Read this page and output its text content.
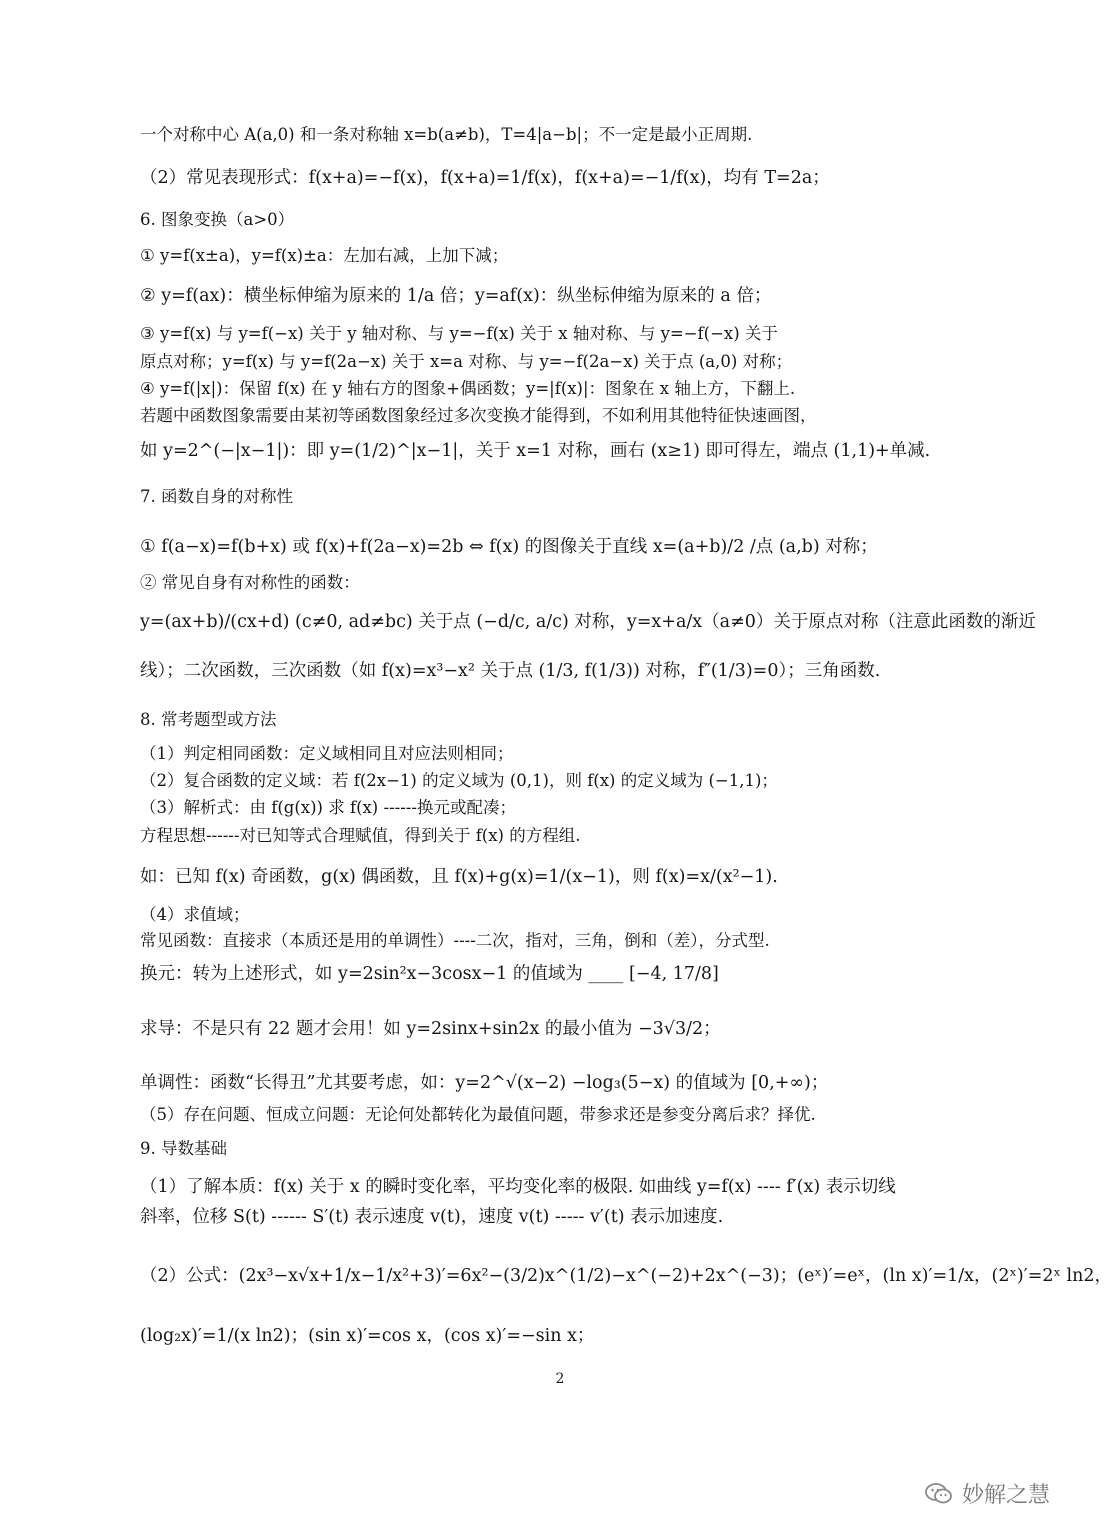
一个对称中心 A(a,0) 和一条对称轴 x=b(a≠b)，T=4|a−b|；不一定是最小正周期.
（2）常见表现形式：f(x+a)=−f(x)，f(x+a)=1/f(x)，f(x+a)=−1/f(x)，均有 T=2a；
6. 图象变换（a>0）
① y=f(x±a)，y=f(x)±a：左加右减，上加下减；
② y=f(ax)：横坐标伸缩为原来的 1/a 倍；y=af(x)：纵坐标伸缩为原来的 a 倍；
③ y=f(x) 与 y=f(−x) 关于 y 轴对称、与 y=−f(x) 关于 x 轴对称、与 y=−f(−x) 关于
原点对称；y=f(x) 与 y=f(2a−x) 关于 x=a 对称、与 y=−f(2a−x) 关于点 (a,0) 对称；
④ y=f(|x|)：保留 f(x) 在 y 轴右方的图象+偶函数；y=|f(x)|：图象在 x 轴上方，下翻上.
若题中函数图象需要由某初等函数图象经过多次变换才能得到，不如利用其他特征快速画图，
如 y=2^(−|x−1|)：即 y=(1/2)^|x−1|，关于 x=1 对称，画右 (x≥1) 即可得左，端点 (1,1)+单减.
7. 函数自身的对称性
① f(a−x)=f(b+x) 或 f(x)+f(2a−x)=2b ⇔ f(x) 的图像关于直线 x=(a+b)/2 /点 (a,b) 对称；
② 常见自身有对称性的函数：
y=(ax+b)/(cx+d) (c≠0, ad≠bc) 关于点 (−d/c, a/c) 对称，y=x+a/x（a≠0）关于原点对称（注意此函数的渐近
线）；二次函数，三次函数（如 f(x)=x³−x² 关于点 (1/3, f(1/3)) 对称，f″(1/3)=0）；三角函数.
8. 常考题型或方法
（1）判定相同函数：定义域相同且对应法则相同；
（2）复合函数的定义域：若 f(2x−1) 的定义域为 (0,1)，则 f(x) 的定义域为 (−1,1)；
（3）解析式：由 f(g(x)) 求 f(x) ------换元或配凑；
方程思想------对已知等式合理赋值，得到关于 f(x) 的方程组.
如：已知 f(x) 奇函数，g(x) 偶函数，且 f(x)+g(x)=1/(x−1)，则 f(x)=x/(x²−1).
（4）求值域；
常见函数：直接求（本质还是用的单调性）----二次，指对，三角，倒和（差），分式型.
换元：转为上述形式，如 y=2sin²x−3cosx−1 的值域为 ____ [−4, 17/8]
求导：不是只有 22 题才会用！如 y=2sinx+sin2x 的最小值为 −3√3/2；
单调性：函数“长得丑”尤其要考虑，如：y=2^√(x−2) −log₃(5−x) 的值域为 [0,+∞)；
（5）存在问题、恒成立问题：无论何处都转化为最值问题，带参求还是参变分离后求？择优.
9. 导数基础
（1）了解本质：f(x) 关于 x 的瞬时变化率，平均变化率的极限. 如曲线 y=f(x) ---- f′(x) 表示切线
斜率，位移 S(t) ------ S′(t) 表示速度 v(t)，速度 v(t) ----- v′(t) 表示加速度.
（2）公式：(2x³−x√x+1/x−1/x²+3)′=6x²−(3/2)x^(1/2)−x^(−2)+2x^(−3)；(eˣ)′=eˣ，(ln x)′=1/x，(2ˣ)′=2ˣ ln2，
(log₂x)′=1/(x ln2)；(sin x)′=cos x，(cos x)′=−sin x；
2
妙解之慧
